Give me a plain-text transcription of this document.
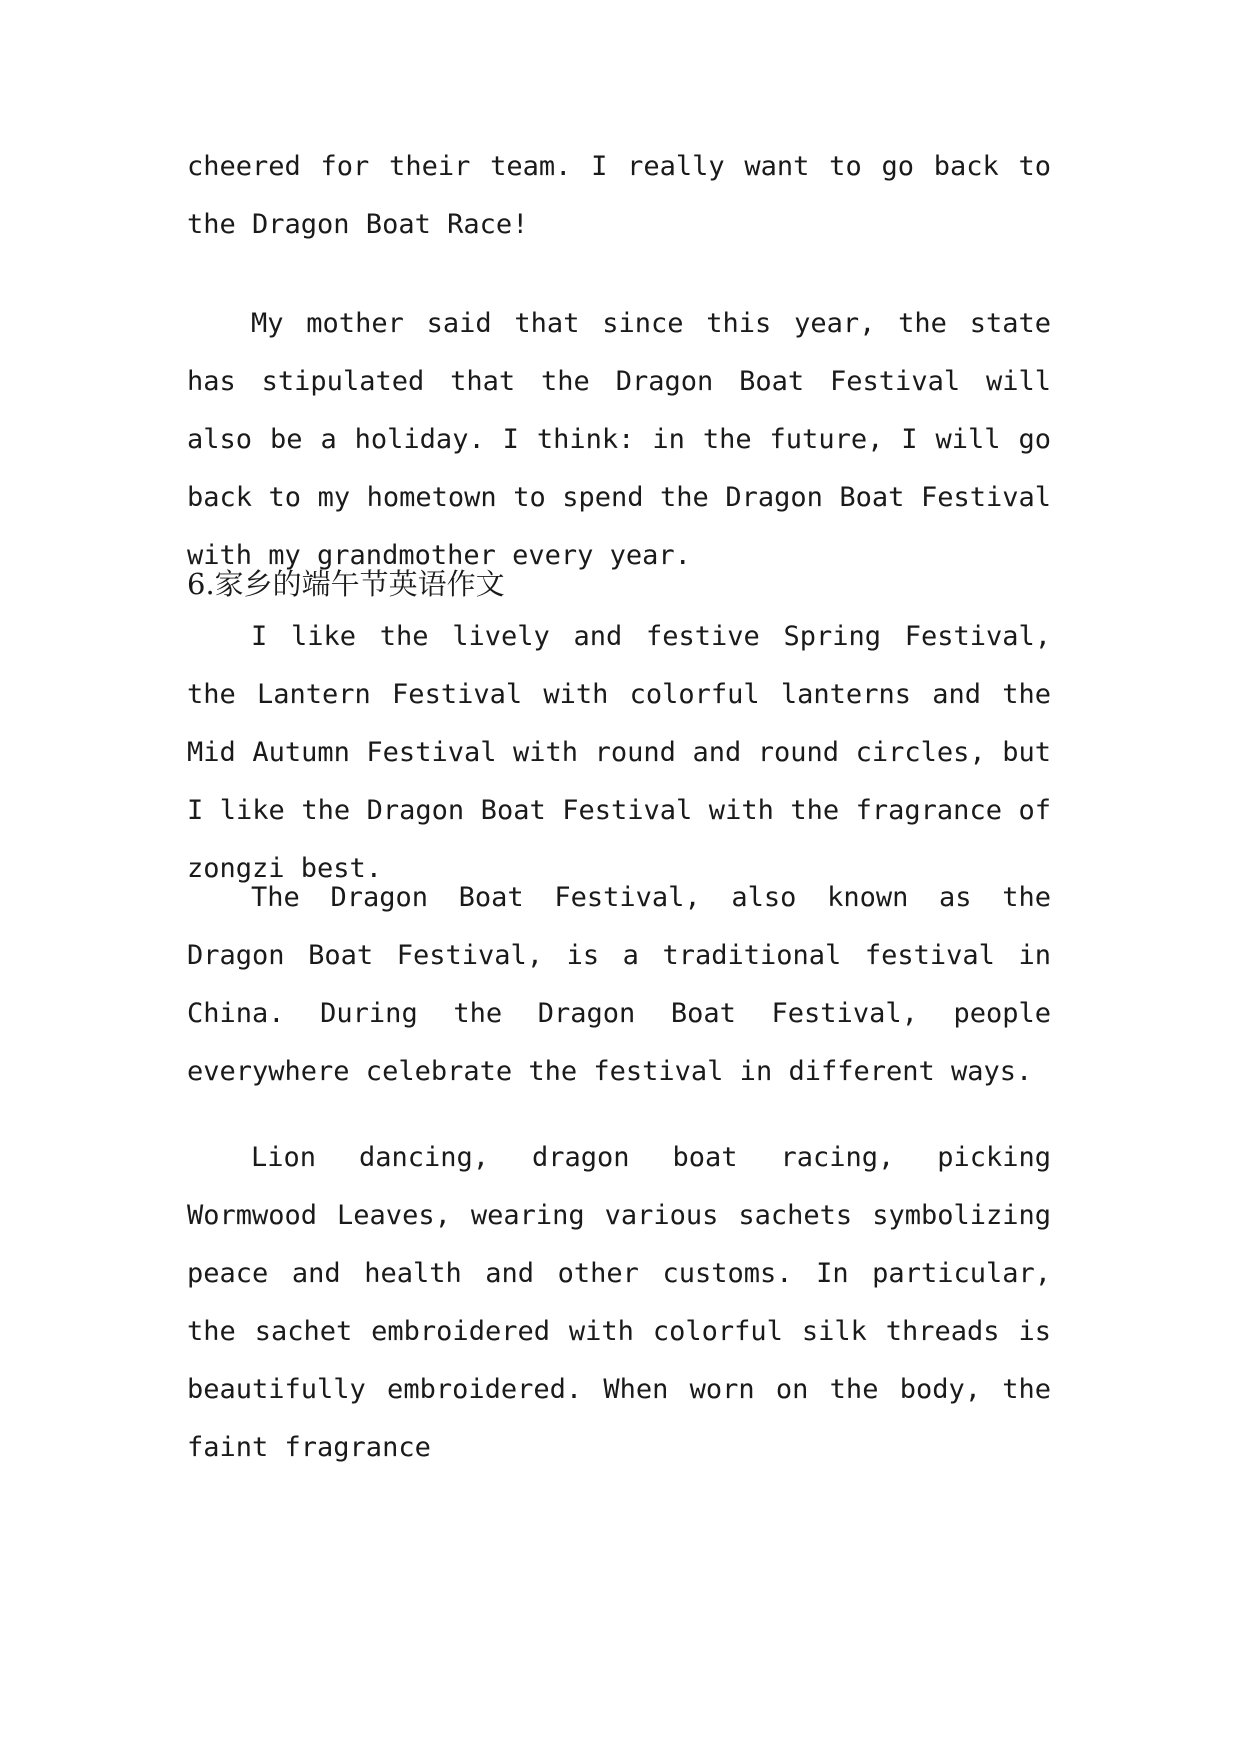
cheered for their team. I really want to go back to the Dragon Boat Race!
My mother said that since this year, the state has stipulated that the Dragon Boat Festival will also be a holiday. I think: in the future, I will go back to my hometown to spend the Dragon Boat Festival with my grandmother every year.
6.家乡的端午节英语作文
I like the lively and festive Spring Festival, the Lantern Festival with colorful lanterns and the Mid Autumn Festival with round and round circles, but I like the Dragon Boat Festival with the fragrance of zongzi best.
The Dragon Boat Festival, also known as the Dragon Boat Festival, is a traditional festival in China. During the Dragon Boat Festival, people everywhere celebrate the festival in different ways.
Lion dancing, dragon boat racing, picking Wormwood Leaves, wearing various sachets symbolizing peace and health and other customs. In particular, the sachet embroidered with colorful silk threads is beautifully embroidered. When worn on the body, the faint fragrance
